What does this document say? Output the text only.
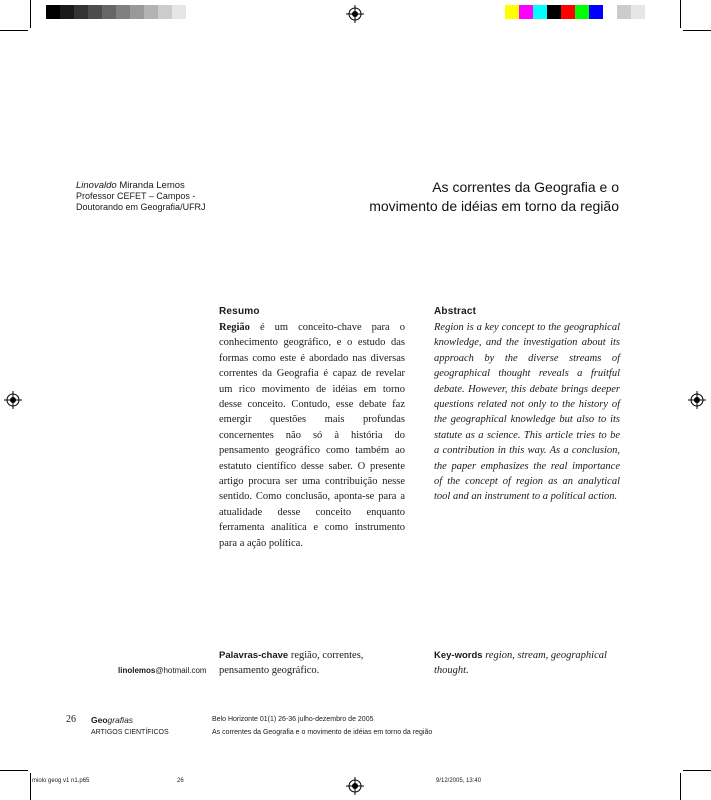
Linovaldo Miranda Lemos
Professor CEFET – Campos -
Doutorando em Geografia/UFRJ
As correntes da Geografia e o
movimento de idéias em torno da região
Resumo

Região é um conceito-chave para o conhecimento geográfico, e o estudo das formas como este é abordado nas diversas correntes da Geografia é capaz de revelar um rico movimento de idéias em torno desse conceito. Contudo, esse debate faz emergir questões mais profundas concernentes não só à história do pensamento geográfico como também ao estatuto científico desse saber. O presente artigo procura ser uma contribuição nesse sentido. Como conclusão, aponta-se para a atualidade desse conceito enquanto ferramenta analítica e como instrumento para a ação política.

Abstract

Region is a key concept to the geographical knowledge, and the investigation about its approach by the diverse streams of geographical thought reveals a fruitful debate. However, this debate brings deeper questions related not only to the history of the geographical knowledge but also to its statute as a science. This article tries to be a contribution in this way. As a conclusion, the paper emphasizes the real importance of the concept of region as an analytical tool and an instrument to a political action.

Palavras-chave região, correntes, pensamento geográfico.
Key-words region, stream, geographical thought.
linolemos@hotmail.com
26 Geografias
ARTIGOS CIENTÍFICOS
Belo Horizonte 01(1) 26-36 julho-dezembro de 2005
As correntes da Geografia e o movimento de idéias em torno da região
miolo geog v1 n1.p65	26	9/12/2005, 13:40
